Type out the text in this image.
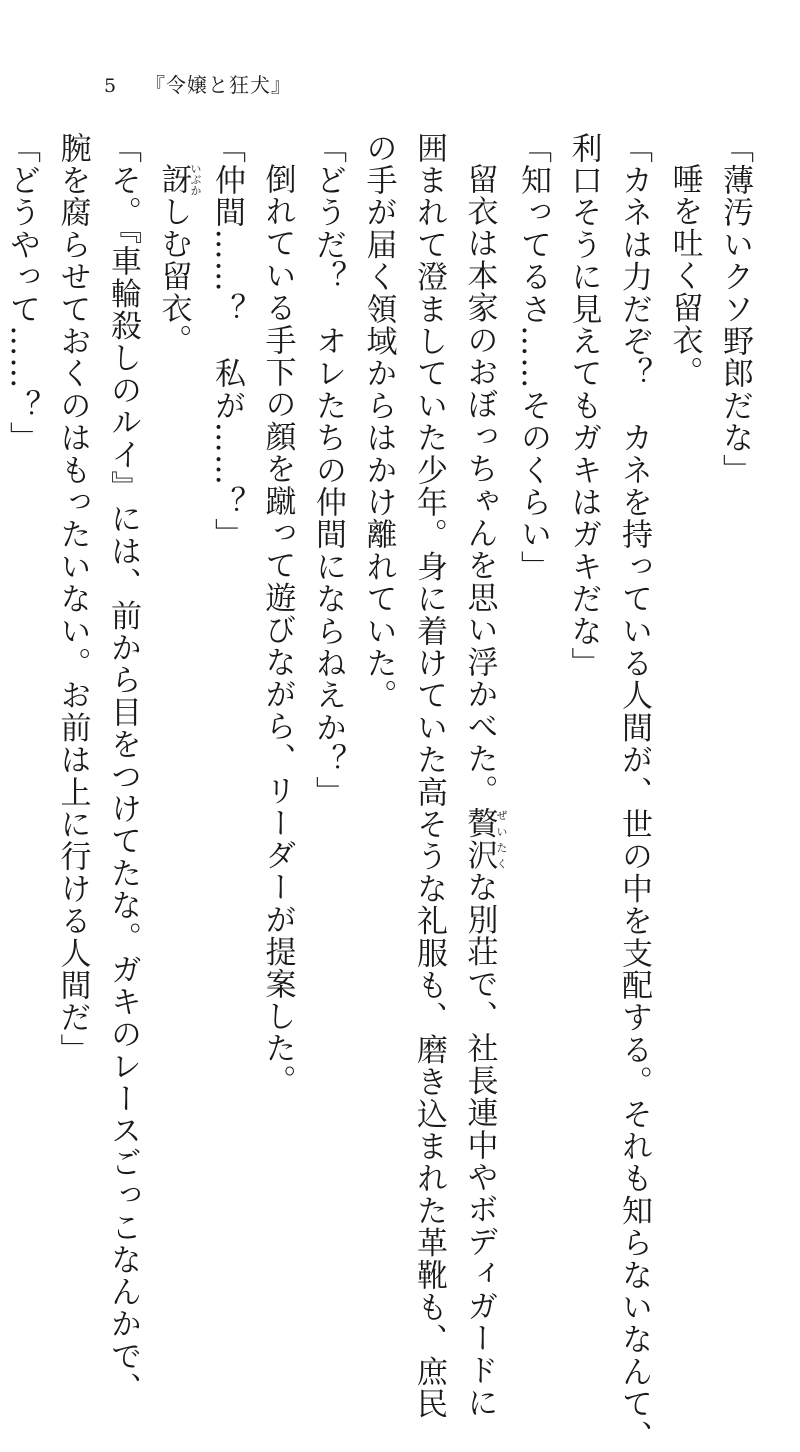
5 『令嬢と狂犬』
「薄汚いクソ野郎だな」
唾を吐く留衣。
「カネは力だぞ？　カネを持っている人間が、世の中を支配する。それも知らないなんて、
利口そうに見えてもガキはガキだな」
「知ってるさ……そのくらい」
留衣は本家のおぼっちゃんを思い浮かべた。贅沢ぜいたくな別荘で、社長連中やボディガードに
囲まれて澄ましていた少年。身に着けていた高そうな礼服も、磨き込まれた革靴も、庶民
の手が届く領域からはかけ離れていた。
「どうだ？　オレたちの仲間にならねえか？」
倒れている手下の顔を蹴って遊びながら、リーダーが提案した。
「仲間……？　私が……？」
訝いぶかしむ留衣。
「そ。『車輪殺しのルイ』には、前から目をつけてたな。ガキのレースごっこなんかで、
腕を腐らせておくのはもったいない。お前は上に行ける人間だ」
「どうやって……？」
